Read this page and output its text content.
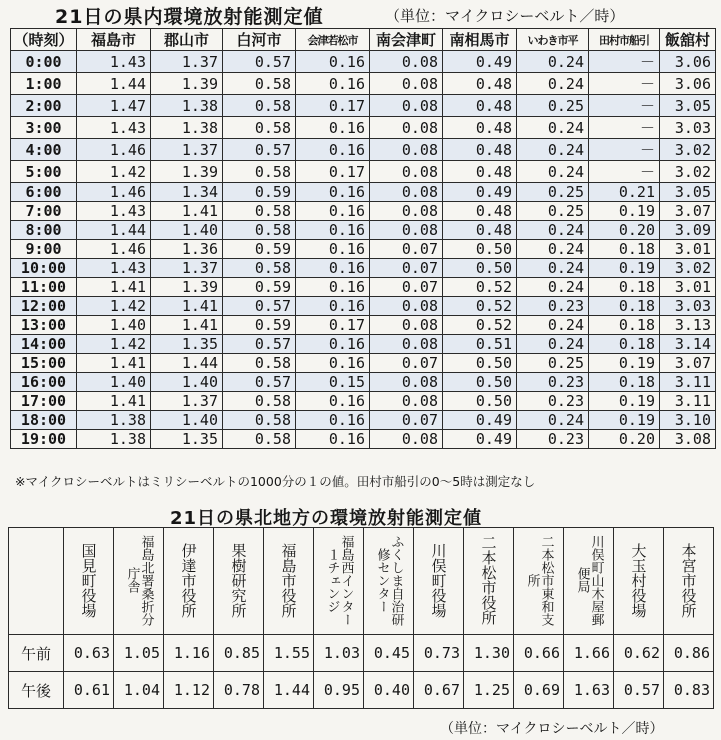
21日の県内環境放射能測定値	（単位：マイクロシーベルト／時）
（時刻）	福島市	郡山市	白河市	会津若松市	南会津町	南相馬市	いわき市平	田村市船引	飯舘村
0:00	1.43	1.37	0.57	0.16	0.08	0.49	0.24	－	3.06
1:00	1.44	1.39	0.58	0.16	0.08	0.48	0.24	－	3.06
2:00	1.47	1.38	0.58	0.17	0.08	0.48	0.25	－	3.05
3:00	1.43	1.38	0.58	0.16	0.08	0.48	0.24	－	3.03
4:00	1.46	1.37	0.57	0.16	0.08	0.48	0.24	－	3.02
5:00	1.42	1.39	0.58	0.17	0.08	0.48	0.24	－	3.02
6:00	1.46	1.34	0.59	0.16	0.08	0.49	0.25	0.21	3.05
7:00	1.43	1.41	0.58	0.16	0.08	0.48	0.25	0.19	3.07
8:00	1.44	1.40	0.58	0.16	0.08	0.48	0.24	0.20	3.09
9:00	1.46	1.36	0.59	0.16	0.07	0.50	0.24	0.18	3.01
10:00	1.43	1.37	0.58	0.16	0.07	0.50	0.24	0.19	3.02
11:00	1.41	1.39	0.59	0.16	0.07	0.52	0.24	0.18	3.01
12:00	1.42	1.41	0.57	0.16	0.08	0.52	0.23	0.18	3.03
13:00	1.40	1.41	0.59	0.17	0.08	0.52	0.24	0.18	3.13
14:00	1.42	1.35	0.57	0.16	0.08	0.51	0.24	0.18	3.14
15:00	1.41	1.44	0.58	0.16	0.07	0.50	0.25	0.19	3.07
16:00	1.40	1.40	0.57	0.15	0.08	0.50	0.23	0.18	3.11
17:00	1.41	1.37	0.58	0.16	0.08	0.50	0.23	0.19	3.11
18:00	1.38	1.40	0.58	0.16	0.07	0.49	0.24	0.19	3.10
19:00	1.38	1.35	0.58	0.16	0.08	0.49	0.23	0.20	3.08
※マイクロシーベルトはミリシーベルトの1000分の１の値。田村市船引の0～5時は測定なし
21日の県北地方の環境放射能測定値
	国見町役場	福島北署桑折分庁舎	伊達市役所	果樹研究所	福島市役所	福島西インター１チェンジ	ふくしま自治研修センター	川俣町役場	二本松市役所	二本松市東和支所	川俣町山木屋郵便局	大玉村役場	本宮市役所
午前	0.63	1.05	1.16	0.85	1.55	1.03	0.45	0.73	1.30	0.66	1.66	0.62	0.86
午後	0.61	1.04	1.12	0.78	1.44	0.95	0.40	0.67	1.25	0.69	1.63	0.57	0.83
（単位：マイクロシーベルト／時）
